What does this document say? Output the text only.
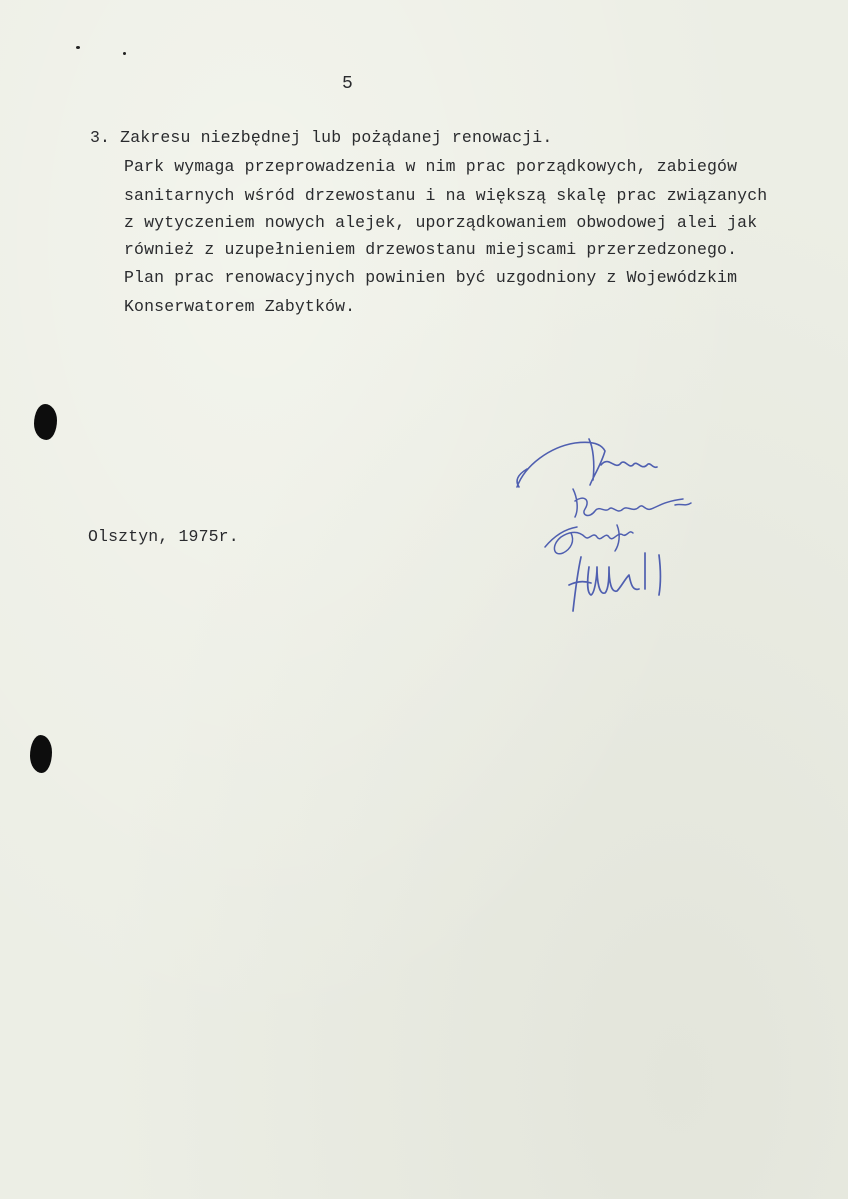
5
3. Zakresu niezbędnej lub pożądanej renowacji.
Park wymaga przeprowadzenia w nim prac porządkowych, zabiegów
sanitarnych wśród drzewostanu i na większą skalę prac związanych
z wytyczeniem nowych alejek, uporządkowaniem obwodowej alei jak
również z uzupełnieniem drzewostanu miejscami przerzedzonego.
Plan prac renowacyjnych powinien być uzgodniony z Wojewódzkim
Konserwatorem Zabytków.
Olsztyn, 1975r.
